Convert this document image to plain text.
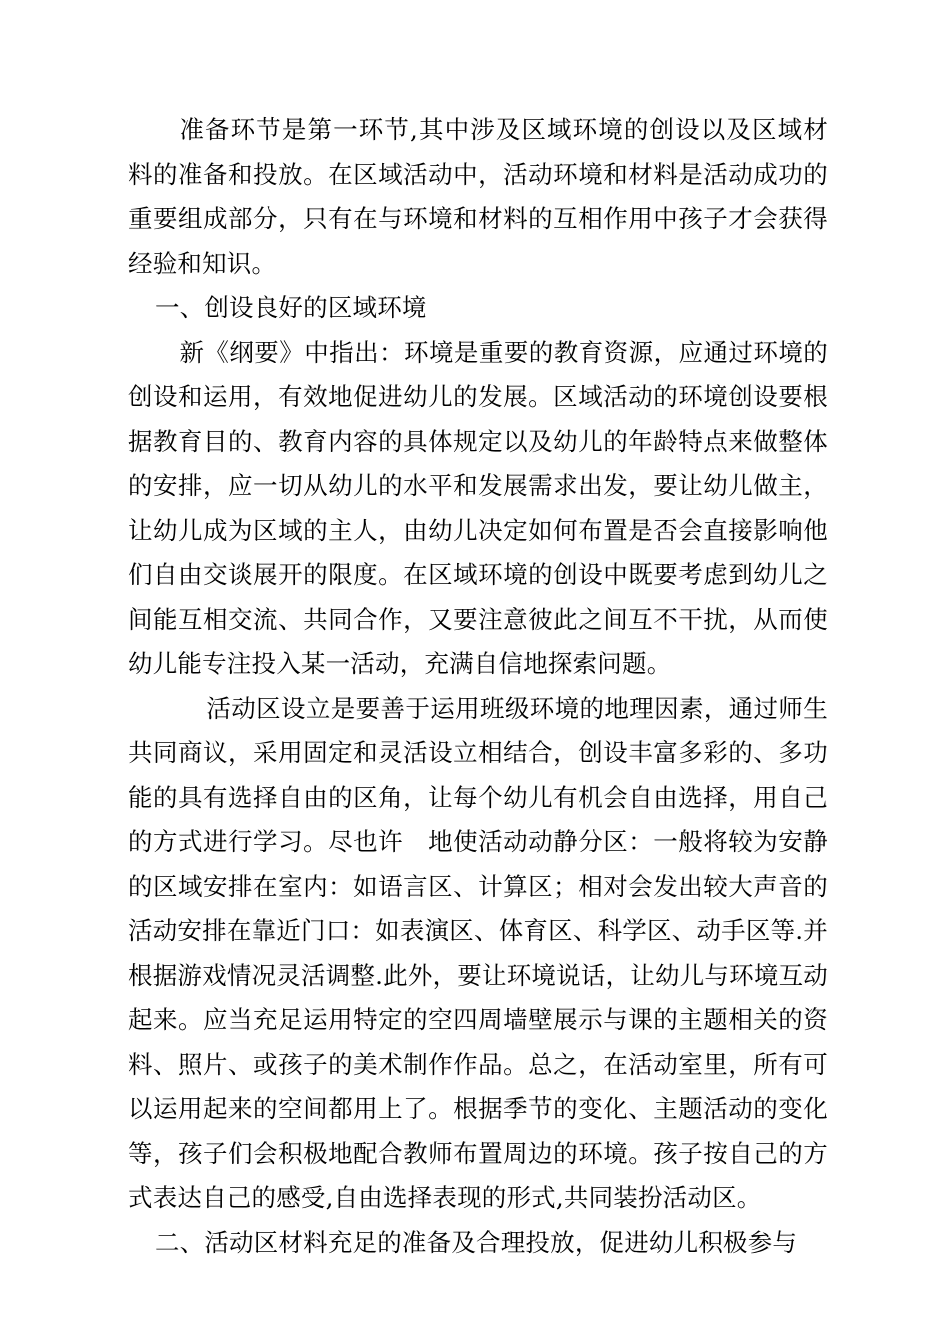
准备环节是第一环节,其中涉及区域环境的创设以及区域材料的准备和投放。在区域活动中，活动环境和材料是活动成功的重要组成部分，只有在与环境和材料的互相作用中孩子才会获得经验和知识。

一、创设良好的区域环境

新《纲要》中指出：环境是重要的教育资源，应通过环境的创设和运用，有效地促进幼儿的发展。区域活动的环境创设要根据教育目的、教育内容的具体规定以及幼儿的年龄特点来做整体的安排，应一切从幼儿的水平和发展需求出发，要让幼儿做主，让幼儿成为区域的主人，由幼儿决定如何布置是否会直接影响他们自由交谈展开的限度。在区域环境的创设中既要考虑到幼儿之间能互相交流、共同合作，又要注意彼此之间互不干扰，从而使幼儿能专注投入某一活动，充满自信地探索问题。

活动区设立是要善于运用班级环境的地理因素，通过师生共同商议，采用固定和灵活设立相结合，创设丰富多彩的、多功能的具有选择自由的区角，让每个幼儿有机会自由选择，用自己的方式进行学习。尽也许　地使活动动静分区：一般将较为安静的区域安排在室内：如语言区、计算区；相对会发出较大声音的活动安排在靠近门口：如表演区、体育区、科学区、动手区等.并根据游戏情况灵活调整.此外，要让环境说话，让幼儿与环境互动起来。应当充足运用特定的空四周墙壁展示与课的主题相关的资料、照片、或孩子的美术制作作品。总之，在活动室里，所有可以运用起来的空间都用上了。根据季节的变化、主题活动的变化等，孩子们会积极地配合教师布置周边的环境。孩子按自己的方式表达自己的感受,自由选择表现的形式,共同装扮活动区。

二、活动区材料充足的准备及合理投放，促进幼儿积极参与
